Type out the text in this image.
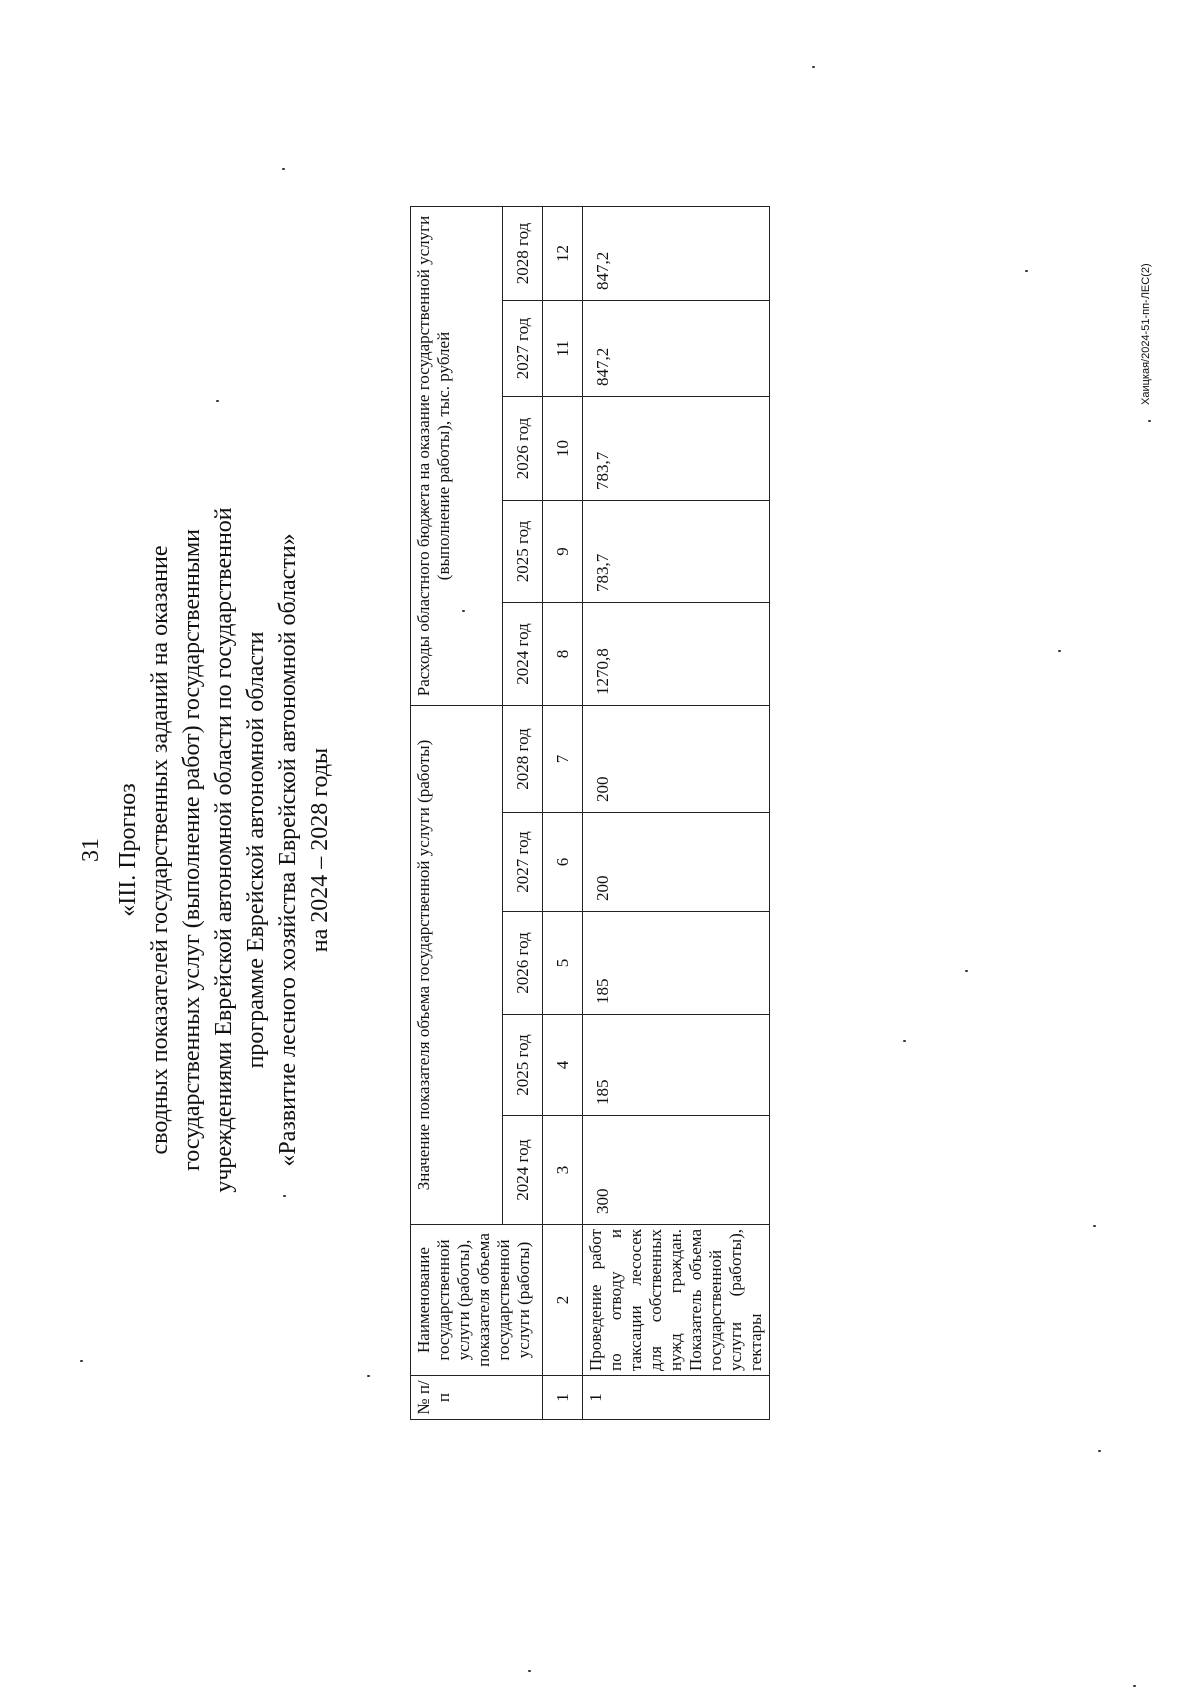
31 «III. Прогноз сводных показателей государственных заданий на оказание государственных услуг (выполнение работ) государственными учреждениями Еврейской автономной области по государственной программе Еврейской автономной области «Развитие лесного хозяйства Еврейской автономной области» на 2024 – 2028 годы
№ п/п	Наименование государственной услуги (работы), показателя объема государственной услуги (работы)	Значение показателя объема государственной услуги (работы)					Расходы областного бюджета на оказание государственной услуги (выполнение работы), тыс. рублей				
		2024 год	2025 год	2026 год	2027 год	2028 год	2024 год	2025 год	2026 год	2027 год	2028 год
1	2	3	4	5	6	7	8	9	10	11	12
1	Проведение работ по отводу и таксации лесосек для собственных нужд граждан. Показатель объема государственной услуги (работы), гектары	300	185	185	200	200	1270,8	783,7	783,7	847,2	847,2	Хаицкая/2024-51-пп-ЛЕС(2)
